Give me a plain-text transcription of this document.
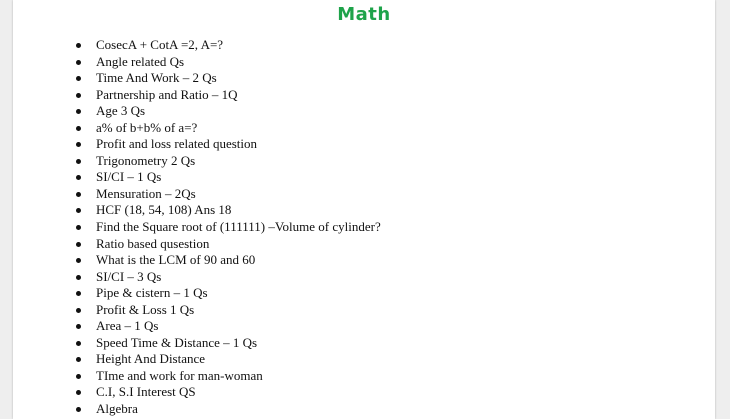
Math
CosecA + CotA =2, A=?
Angle related Qs
Time And Work – 2 Qs
Partnership and Ratio – 1Q
Age 3 Qs
a% of b+b% of a=?
Profit and loss related question
Trigonometry 2 Qs
SI/CI – 1 Qs
Mensuration – 2Qs
HCF (18, 54, 108) Ans 18
Find the Square root of (111111) –Volume of cylinder?
Ratio based qusestion
What is the LCM of 90 and 60
SI/CI – 3 Qs
Pipe & cistern – 1 Qs
Profit & Loss 1 Qs
Area – 1 Qs
Speed Time & Distance – 1 Qs
Height And Distance
TIme and work for man-woman
C.I, S.I Interest QS
Algebra
